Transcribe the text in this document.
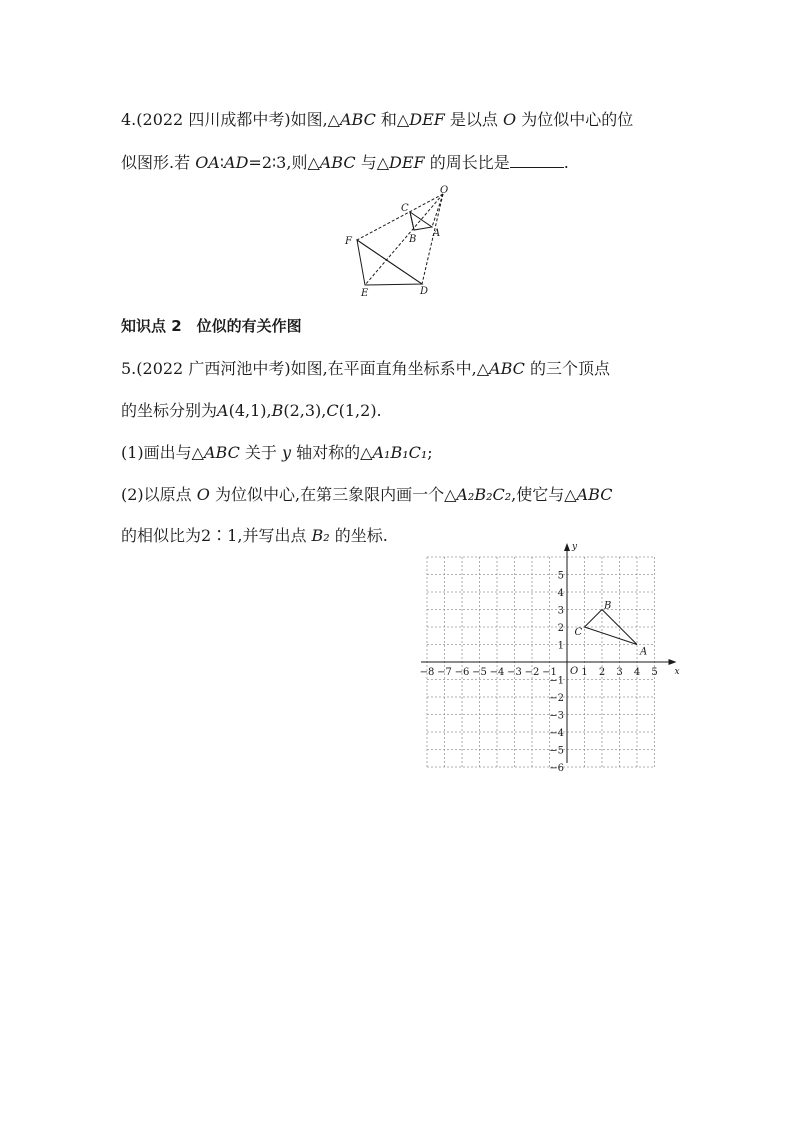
4.(2022 四川成都中考)如图,△ABC 和△DEF 是以点 O 为位似中心的位
似图形.若 OA∶AD=2∶3,则△ABC 与△DEF 的周长比是	.
O
C
A
B
F
E	D
知识点 2　位似的有关作图
5.(2022 广西河池中考)如图,在平面直角坐标系中,△ABC 的三个顶点
的坐标分别为A(4,1),B(2,3),C(1,2).
(1)画出与△ABC 关于 y 轴对称的△A₁B₁C₁;
(2)以原点 O 为位似中心,在第三象限内画一个△A₂B₂C₂,使它与△ABC
的相似比为2∶1,并写出点 B₂ 的坐标.
x
y
−8 −7 −6 −5 −4 −3 −2 −1 1 2 3 4 5
5
4
3
2
1
−1
−2
−3
−4
−5
−6
O
A
B
C
